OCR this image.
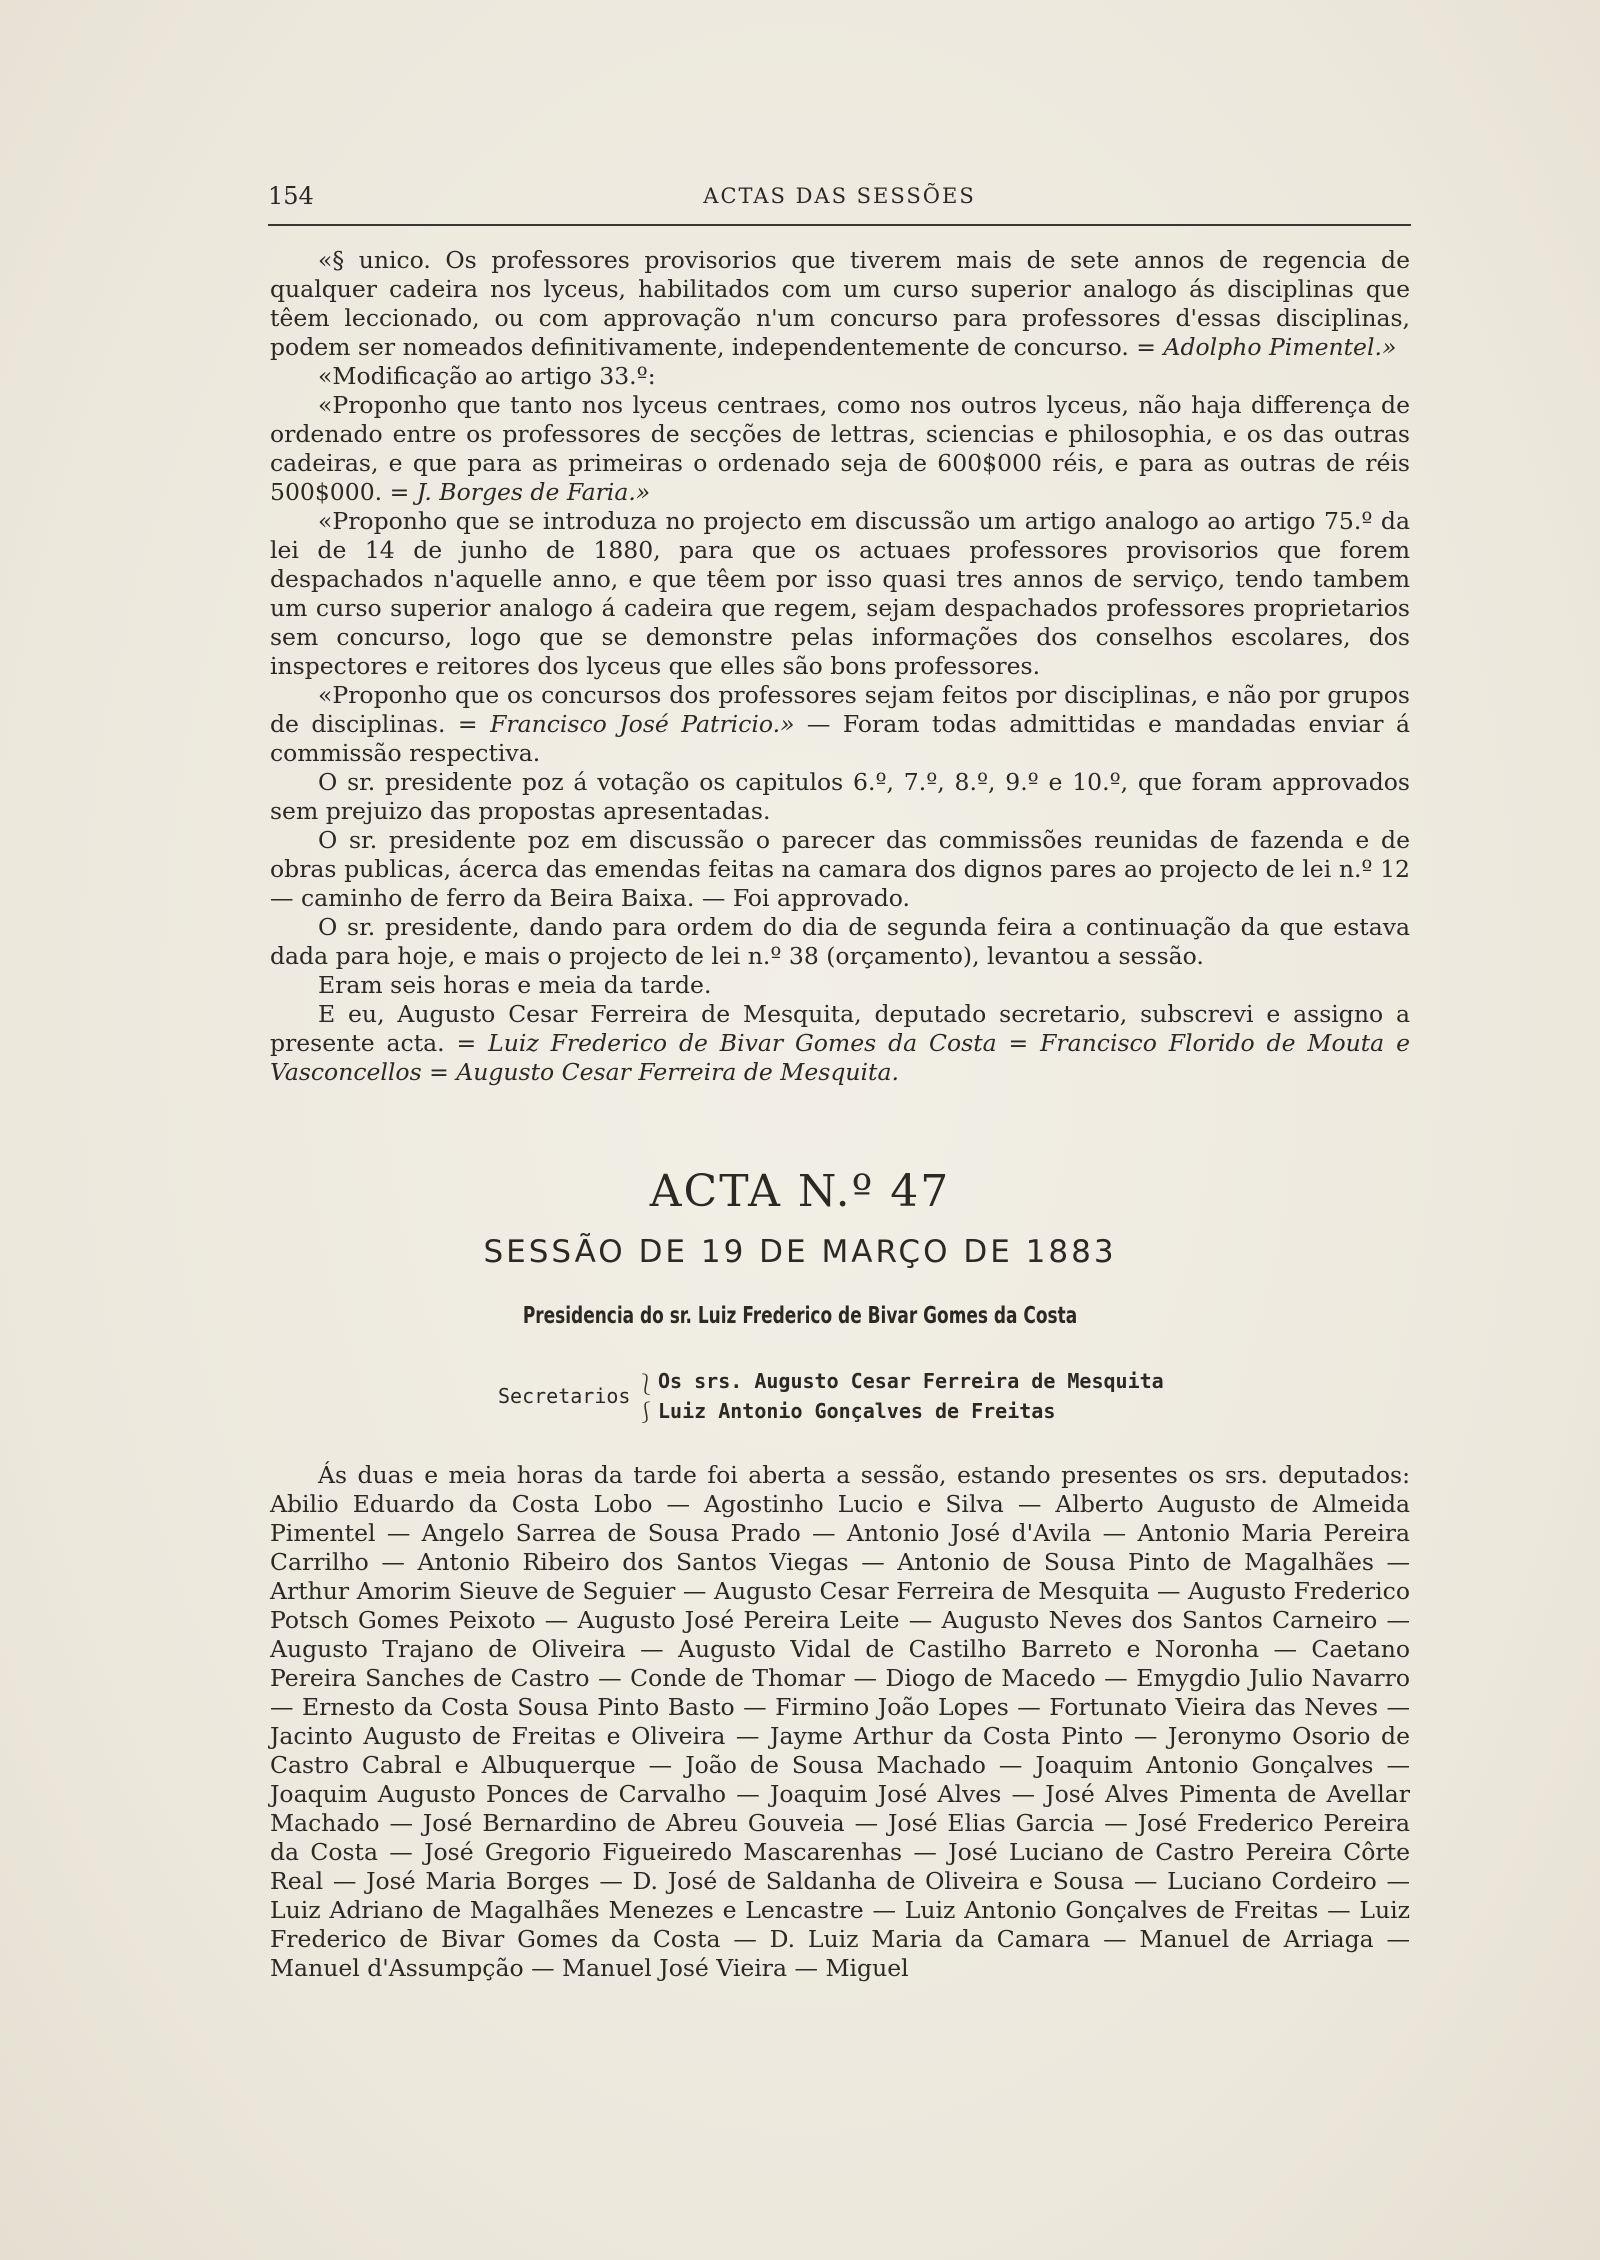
154	ACTAS DAS SESSÕES

«§ unico. Os professores provisorios que tiverem mais de sete annos de regencia de qualquer cadeira nos lyceus, habilitados com um curso superior analogo ás disciplinas que têem leccionado, ou com approvação n'um concurso para professores d'essas disciplinas, podem ser nomeados definitivamente, independentemente de concurso. = Adolpho Pimentel.»

«Modificação ao artigo 33.º:

«Proponho que tanto nos lyceus centraes, como nos outros lyceus, não haja differença de ordenado entre os professores de secções de lettras, sciencias e philosophia, e os das outras cadeiras, e que para as primeiras o ordenado seja de 600$000 réis, e para as outras de réis 500$000. = J. Borges de Faria.»

«Proponho que se introduza no projecto em discussão um artigo analogo ao artigo 75.º da lei de 14 de junho de 1880, para que os actuaes professores provisorios que forem despachados n'aquelle anno, e que têem por isso quasi tres annos de serviço, tendo tambem um curso superior analogo á cadeira que regem, sejam despachados professores proprietarios sem concurso, logo que se demonstre pelas informações dos conselhos escolares, dos inspectores e reitores dos lyceus que elles são bons professores.

«Proponho que os concursos dos professores sejam feitos por disciplinas, e não por grupos de disciplinas. = Francisco José Patricio.» — Foram todas admittidas e mandadas enviar á commissão respectiva.

O sr. presidente poz á votação os capitulos 6.º, 7.º, 8.º, 9.º e 10.º, que foram approvados sem prejuizo das propostas apresentadas.

O sr. presidente poz em discussão o parecer das commissões reunidas de fazenda e de obras publicas, ácerca das emendas feitas na camara dos dignos pares ao projecto de lei n.º 12 — caminho de ferro da Beira Baixa. — Foi approvado.

O sr. presidente, dando para ordem do dia de segunda feira a continuação da que estava dada para hoje, e mais o projecto de lei n.º 38 (orçamento), levantou a sessão.

Eram seis horas e meia da tarde.

E eu, Augusto Cesar Ferreira de Mesquita, deputado secretario, subscrevi e assigno a presente acta. = Luiz Frederico de Bivar Gomes da Costa = Francisco Florido de Mouta e Vasconcellos = Augusto Cesar Ferreira de Mesquita.

ACTA N.º 47
SESSÃO DE 19 DE MARÇO DE 1883
Presidencia do sr. Luiz Frederico de Bivar Gomes da Costa
Secretarios ⎱
⎰
Os srs. Augusto Cesar Ferreira de Mesquita
Luiz Antonio Gonçalves de Freitas

Ás duas e meia horas da tarde foi aberta a sessão, estando presentes os srs. deputados: Abilio Eduardo da Costa Lobo — Agostinho Lucio e Silva — Alberto Augusto de Almeida Pimentel — Angelo Sarrea de Sousa Prado — Antonio José d'Avila — Antonio Maria Pereira Carrilho — Antonio Ribeiro dos Santos Viegas — Antonio de Sousa Pinto de Magalhães — Arthur Amorim Sieuve de Seguier — Augusto Cesar Ferreira de Mesquita — Augusto Frederico Potsch Gomes Peixoto — Augusto José Pereira Leite — Augusto Neves dos Santos Carneiro — Augusto Trajano de Oliveira — Augusto Vidal de Castilho Barreto e Noronha — Caetano Pereira Sanches de Castro — Conde de Thomar — Diogo de Macedo — Emygdio Julio Navarro — Ernesto da Costa Sousa Pinto Basto — Firmino João Lopes — Fortunato Vieira das Neves — Jacinto Augusto de Freitas e Oliveira — Jayme Arthur da Costa Pinto — Jeronymo Osorio de Castro Cabral e Albuquerque — João de Sousa Machado — Joaquim Antonio Gonçalves — Joaquim Augusto Ponces de Carvalho — Joaquim José Alves — José Alves Pimenta de Avellar Machado — José Bernardino de Abreu Gouveia — José Elias Garcia — José Frederico Pereira da Costa — José Gregorio Figueiredo Mascarenhas — José Luciano de Castro Pereira Côrte Real — José Maria Borges — D. José de Saldanha de Oliveira e Sousa — Luciano Cordeiro — Luiz Adriano de Magalhães Menezes e Lencastre — Luiz Antonio Gonçalves de Freitas — Luiz Frederico de Bivar Gomes da Costa — D. Luiz Maria da Camara — Manuel de Arriaga — Manuel d'Assumpção — Manuel José Vieira — Miguel
